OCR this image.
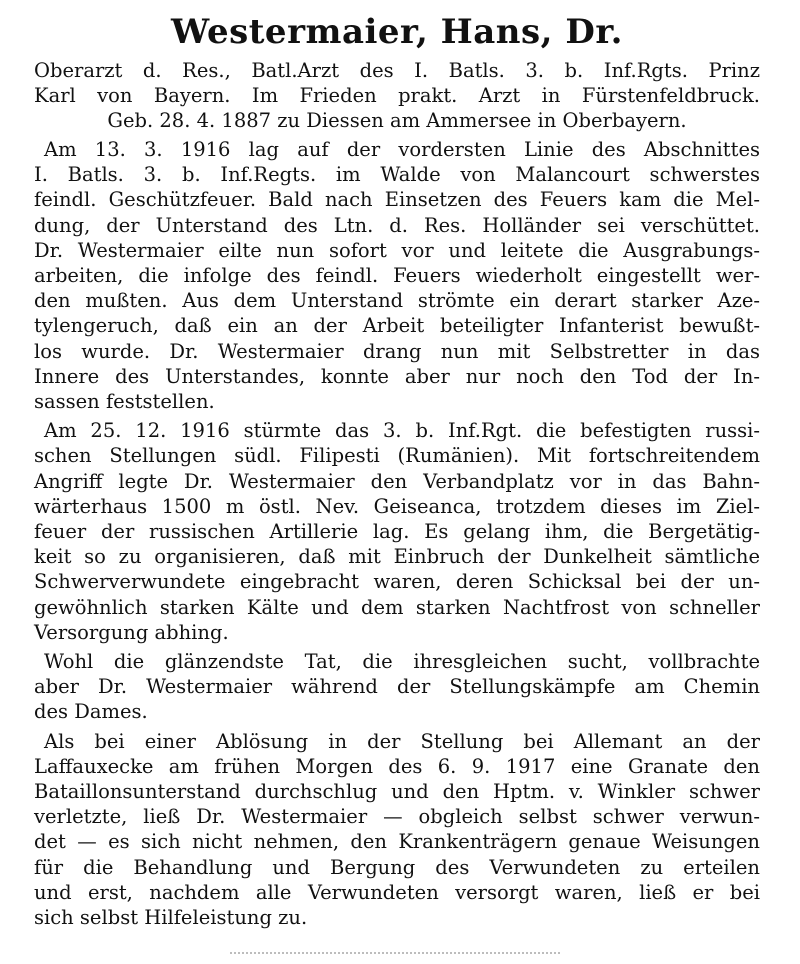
Westermaier, Hans, Dr.
Oberarzt d. Res., Batl.Arzt des I. Batls. 3. b. Inf.Rgts. Prinz
Karl von Bayern. Im Frieden prakt. Arzt in Fürstenfeldbruck.
Geb. 28. 4. 1887 zu Diessen am Ammersee in Oberbayern.
Am 13. 3. 1916 lag auf der vordersten Linie des Abschnittes
I. Batls. 3. b. Inf.Regts. im Walde von Malancourt schwerstes
feindl. Geschützfeuer. Bald nach Einsetzen des Feuers kam die Mel-
dung, der Unterstand des Ltn. d. Res. Holländer sei verschüttet.
Dr. Westermaier eilte nun sofort vor und leitete die Ausgrabungs-
arbeiten, die infolge des feindl. Feuers wiederholt eingestellt wer-
den mußten. Aus dem Unterstand strömte ein derart starker Aze-
tylengeruch, daß ein an der Arbeit beteiligter Infanterist bewußt-
los wurde. Dr. Westermaier drang nun mit Selbstretter in das
Innere des Unterstandes, konnte aber nur noch den Tod der In-
sassen feststellen.
Am 25. 12. 1916 stürmte das 3. b. Inf.Rgt. die befestigten russi-
schen Stellungen südl. Filipesti (Rumänien). Mit fortschreitendem
Angriff legte Dr. Westermaier den Verbandplatz vor in das Bahn-
wärterhaus 1500 m östl. Nev. Geiseanca, trotzdem dieses im Ziel-
feuer der russischen Artillerie lag. Es gelang ihm, die Bergetätig-
keit so zu organisieren, daß mit Einbruch der Dunkelheit sämtliche
Schwerverwundete eingebracht waren, deren Schicksal bei der un-
gewöhnlich starken Kälte und dem starken Nachtfrost von schneller
Versorgung abhing.
Wohl die glänzendste Tat, die ihresgleichen sucht, vollbrachte
aber Dr. Westermaier während der Stellungskämpfe am Chemin
des Dames.
Als bei einer Ablösung in der Stellung bei Allemant an der
Laffauxecke am frühen Morgen des 6. 9. 1917 eine Granate den
Bataillonsunterstand durchschlug und den Hptm. v. Winkler schwer
verletzte, ließ Dr. Westermaier — obgleich selbst schwer verwun-
det — es sich nicht nehmen, den Krankenträgern genaue Weisungen
für die Behandlung und Bergung des Verwundeten zu erteilen
und erst, nachdem alle Verwundeten versorgt waren, ließ er bei
sich selbst Hilfeleistung zu.
